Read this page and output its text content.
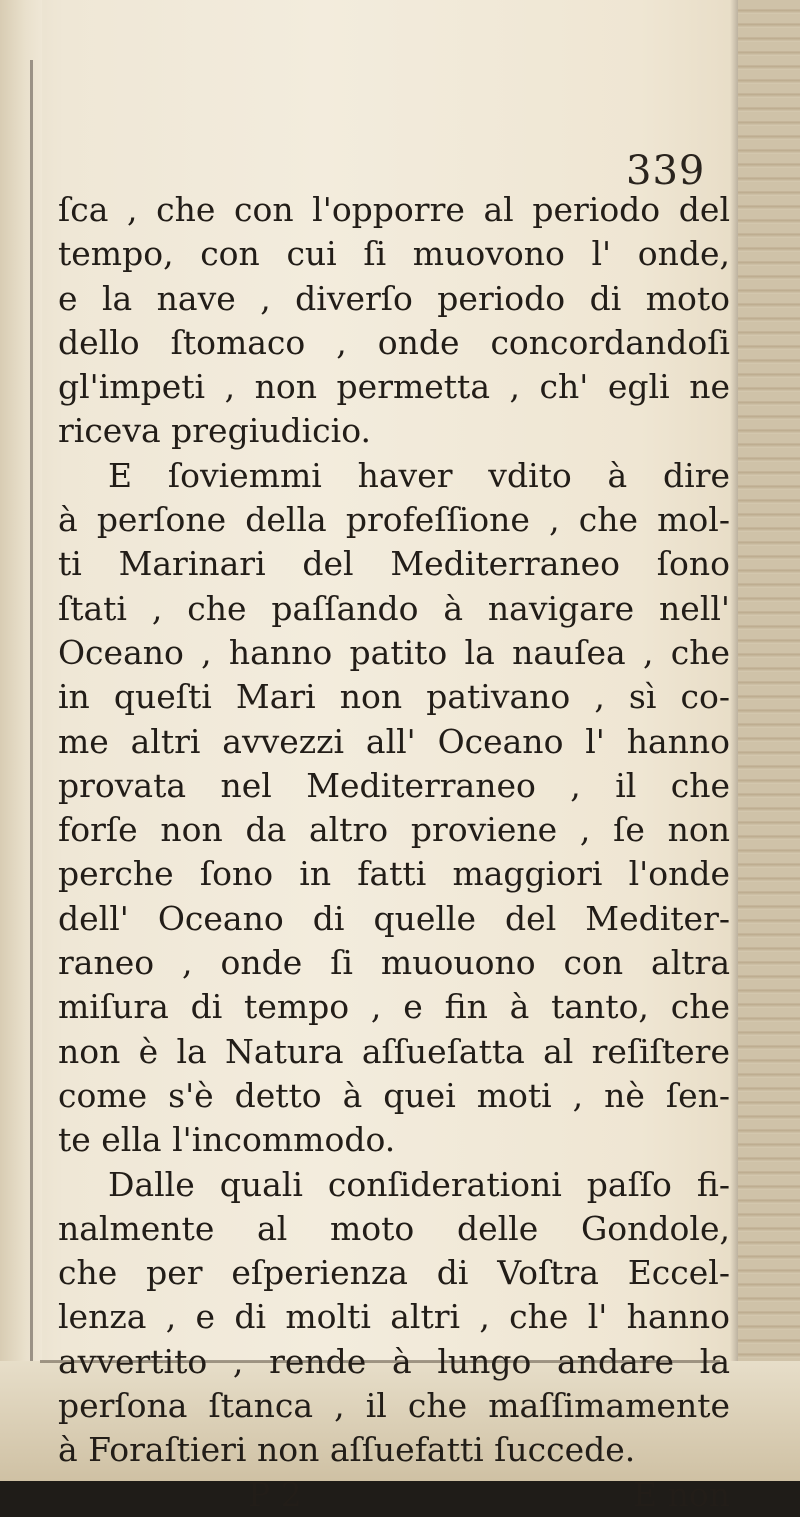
339
ſca , che con l'opporre al periodo del
tempo, con cui ſi muovono l' onde,
e la nave , diverſo periodo di moto
dello ſtomaco , onde concordandoſi
gl'impeti , non permetta , ch' egli ne
riceva pregiudicio.
E ſoviemmi haver vdito à dire
à perſone della profeſſione , che mol-
ti Marinari del Mediterraneo ſono
ſtati , che paſſando à navigare nell'
Oceano , hanno patito la nauſea , che
in queſti Mari non pativano , sì co-
me altri avvezzi all' Oceano l' hanno
provata nel Mediterraneo , il che
forſe non da altro proviene , ſe non
perche ſono in fatti maggiori l'onde
dell' Oceano di quelle del Mediter-
raneo , onde ſi muouono con altra
miſura di tempo , e fin à tanto, che
non è la Natura aſſueſatta al reſiſtere
come s'è detto à quei moti , nè ſen-
te ella l'incommodo.
Dalle quali conſiderationi paſſo fi-
nalmente al moto delle Gondole,
che per eſperienza di Voſtra Eccel-
lenza , e di molti altri , che l' hanno
avvertito , rende à lungo andare la
perſona ſtanca , il che maſſimamente
à Foraſtieri non aſſuefatti ſuccede.
P 2	E non
